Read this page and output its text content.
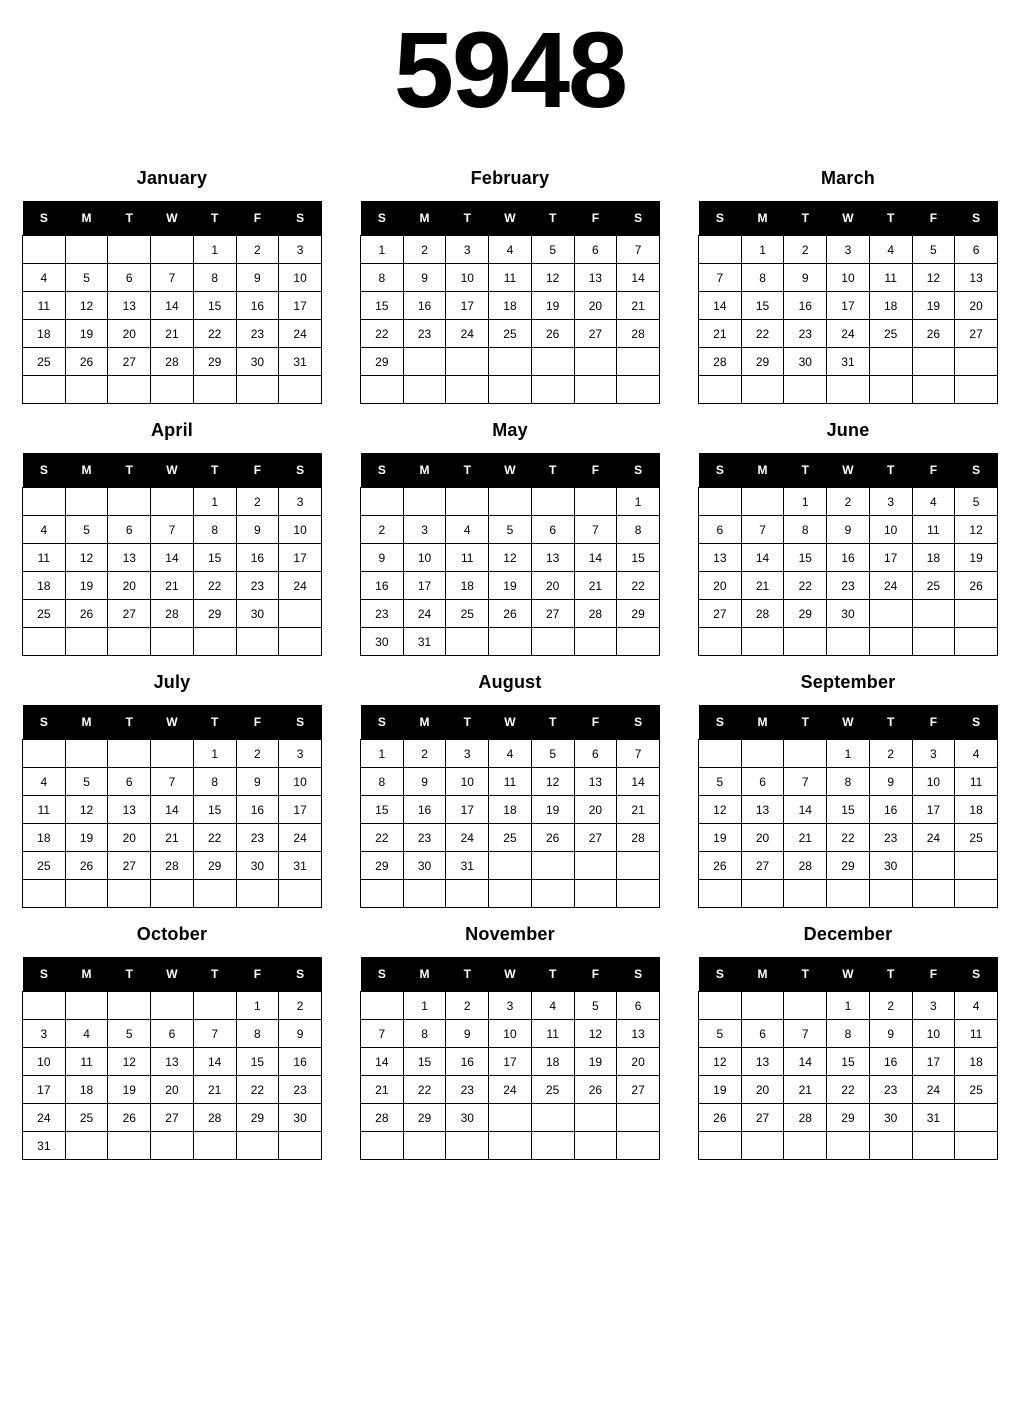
5948
January
S	M	T	W	T	F	S
				1	2	3
4	5	6	7	8	9	10
11	12	13	14	15	16	17
18	19	20	21	22	23	24
25	26	27	28	29	30	31

February
S	M	T	W	T	F	S
1	2	3	4	5	6	7
8	9	10	11	12	13	14
15	16	17	18	19	20	21
22	23	24	25	26	27	28
29						

March
S	M	T	W	T	F	S
	1	2	3	4	5	6
7	8	9	10	11	12	13
14	15	16	17	18	19	20
21	22	23	24	25	26	27
28	29	30	31			

April
S	M	T	W	T	F	S
				1	2	3
4	5	6	7	8	9	10
11	12	13	14	15	16	17
18	19	20	21	22	23	24
25	26	27	28	29	30	

May
S	M	T	W	T	F	S
						1
2	3	4	5	6	7	8
9	10	11	12	13	14	15
16	17	18	19	20	21	22
23	24	25	26	27	28	29
30	31					
June
S	M	T	W	T	F	S
		1	2	3	4	5
6	7	8	9	10	11	12
13	14	15	16	17	18	19
20	21	22	23	24	25	26
27	28	29	30			

July
S	M	T	W	T	F	S
				1	2	3
4	5	6	7	8	9	10
11	12	13	14	15	16	17
18	19	20	21	22	23	24
25	26	27	28	29	30	31

August
S	M	T	W	T	F	S
1	2	3	4	5	6	7
8	9	10	11	12	13	14
15	16	17	18	19	20	21
22	23	24	25	26	27	28
29	30	31				

September
S	M	T	W	T	F	S
			1	2	3	4
5	6	7	8	9	10	11
12	13	14	15	16	17	18
19	20	21	22	23	24	25
26	27	28	29	30		

October
S	M	T	W	T	F	S
					1	2
3	4	5	6	7	8	9
10	11	12	13	14	15	16
17	18	19	20	21	22	23
24	25	26	27	28	29	30
31						
November
S	M	T	W	T	F	S
	1	2	3	4	5	6
7	8	9	10	11	12	13
14	15	16	17	18	19	20
21	22	23	24	25	26	27
28	29	30				

December
S	M	T	W	T	F	S
			1	2	3	4
5	6	7	8	9	10	11
12	13	14	15	16	17	18
19	20	21	22	23	24	25
26	27	28	29	30	31	
